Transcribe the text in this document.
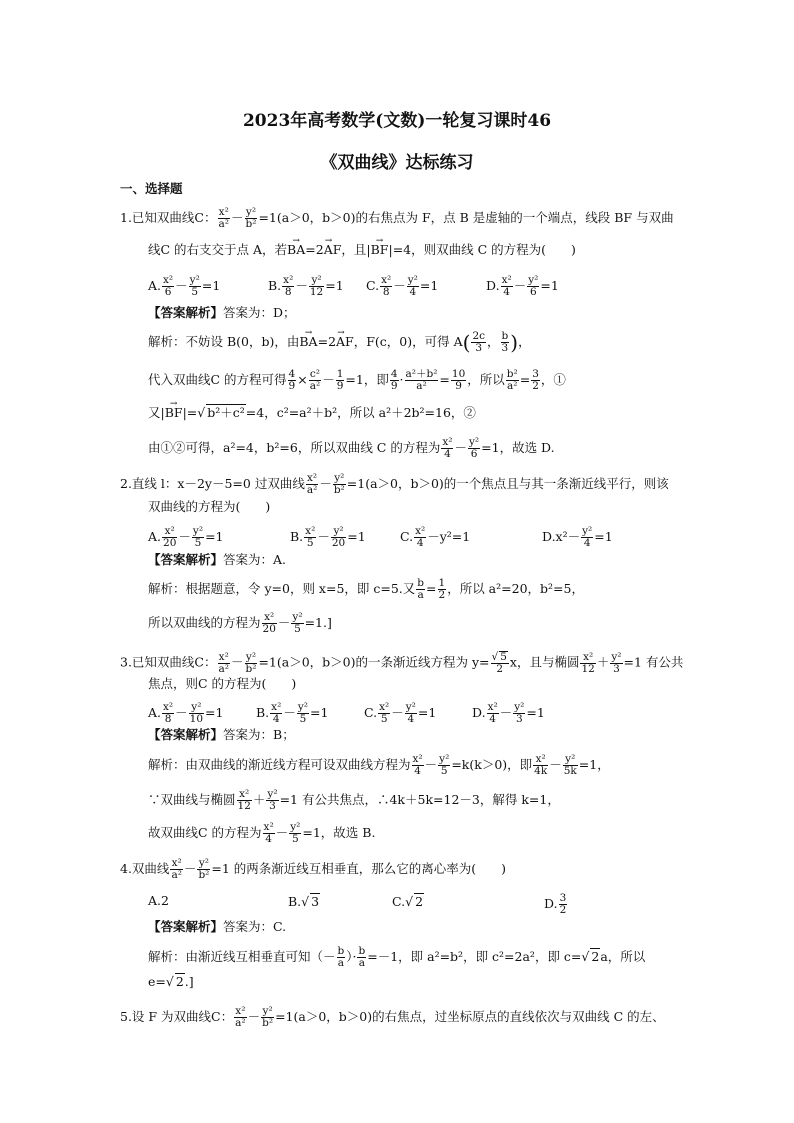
2023年高考数学(文数)一轮复习课时46
《双曲线》达标练习
一、选择题
1.已知双曲线C： $\frac{\text{x²}}{\text{a²}} - \frac{\text{y²}}{\text{b²}} =1(a>0$，b＞0)的右焦点为 F，点 B 是虚轴的一个端点，线段 BF 与双曲
线C 的右支交于点 A，若→ BA=→ 2AF，且|→ BF|=4，则双曲线 C 的方程为(　　)
A. $\frac{\text{x²}}{6} - \frac{\text{y²}}{5} =1$	B. $\frac{\text{x²}}{8} - \frac{\text{y²}}{12} =1$ C. $\frac{\text{x²}}{8} - \frac{\text{y²}}{4} =1$	D. $\frac{\text{x²}}{4} - \frac{\text{y²}}{6} =1$
【答案解析】答案为：D；
解析：不妨设 B(0，b)，由→ BA=→ 2AF，F(c，0)，可得 $A( \frac{2c}{3}$ ， $\frac{b}{3}$ )，
代入双曲线C 的方程可得 $\frac{4}{9} \times \frac{\text{c²}}{\text{a²}} - \frac{1}{9} =1$，即 $\frac{4}{9} \cdot \frac{\text{a²＋b²}}{\text{a²}} = \frac{10}{9}$ ，所以 $\frac{\text{b²}}{\text{a²}} = \frac{3}{2}$ ，①
又|→ BF|=√ b²＋c²=4，c²=a²＋b²，所以 a²＋2b²=16，②
由①②可得，a²=4，b²=6，所以双曲线 C 的方程为 $\frac{\text{x²}}{4} - \frac{\text{y²}}{6} =1$，故选 D.
2.直线 l：x－2y－5=0 过双曲线 $\frac{\text{x²}}{\text{a²}} - \frac{\text{y²}}{\text{b²}} =1(a>0$，b＞0)的一个焦点且与其一条渐近线平行，则该
双曲线的方程为(　　)
A. $\frac{\text{x²}}{20} - \frac{\text{y²}}{5} =1$	B. $\frac{\text{x²}}{5} - \frac{\text{y²}}{20} =1$	C. $\frac{\text{x²}}{4} -y^2=1$	$D.x^2- \frac{\text{y²}}{4} =1$
【答案解析】答案为：A.
解析：根据题意，令 y=0，则 x=5，即 c=5.又 $\frac{b}{a} = \frac{1}{2}$ ，所以 a²=20，b²=5，
所以双曲线的方程为 $\frac{\text{x²}}{20} - \frac{\text{y²}}{5} =1$.]
3.已知双曲线C： $\frac{\text{x²}}{\text{a²}} - \frac{\text{y²}}{\text{b²}} =1(a>0$，b＞0)的一条渐近线方程为 $y= \frac{√ 5}{2}$ x，且与椭圆 $\frac{\text{x²}}{12} + \frac{\text{y²}}{3} =1$ 有公共
焦点，则C 的方程为(　　)
A. $\frac{\text{x²}}{8} - \frac{\text{y²}}{10} =1$	B. $\frac{\text{x²}}{4} - \frac{\text{y²}}{5} =1$	C. $\frac{\text{x²}}{5} - \frac{\text{y²}}{4} =1$	D. $\frac{\text{x²}}{4} - \frac{\text{y²}}{3} =1$
【答案解析】答案为：B；
解析：由双曲线的渐近线方程可设双曲线方程为 $\frac{\text{x²}}{4} - \frac{\text{y²}}{5} =k(k>0)$，即 $\frac{\text{x²}}{4k} - \frac{\text{y²}}{5k} =1$，
∵双曲线与椭圆 $\frac{\text{x²}}{12} + \frac{\text{y²}}{3} =1$ 有公共焦点，∴4k＋5k=12－3，解得 k=1，
故双曲线C 的方程为 $\frac{\text{x²}}{4} - \frac{\text{y²}}{5} =1$，故选 B.
4.双曲线 $\frac{\text{x²}}{\text{a²}} - \frac{\text{y²}}{\text{b²}} =1$ 的两条渐近线互相垂直，那么它的离心率为(　　)
A.2	B.√ 3	C.√ 2	D. $\frac{3}{2}$
【答案解析】答案为：C.
解析：由渐近线互相垂直可知（－ $\frac{b}{a}$ ）· $\frac{b}{a} =-1$，即 a²=b²，即 c²=2a²，即 c=√ 2a，所以
e=√ 2.]
5.设 F 为双曲线C： $\frac{\text{x²}}{\text{a²}} - \frac{\text{y²}}{\text{b²}} =1(a>0$，b＞0)的右焦点，过坐标原点的直线依次与双曲线 C 的左、
